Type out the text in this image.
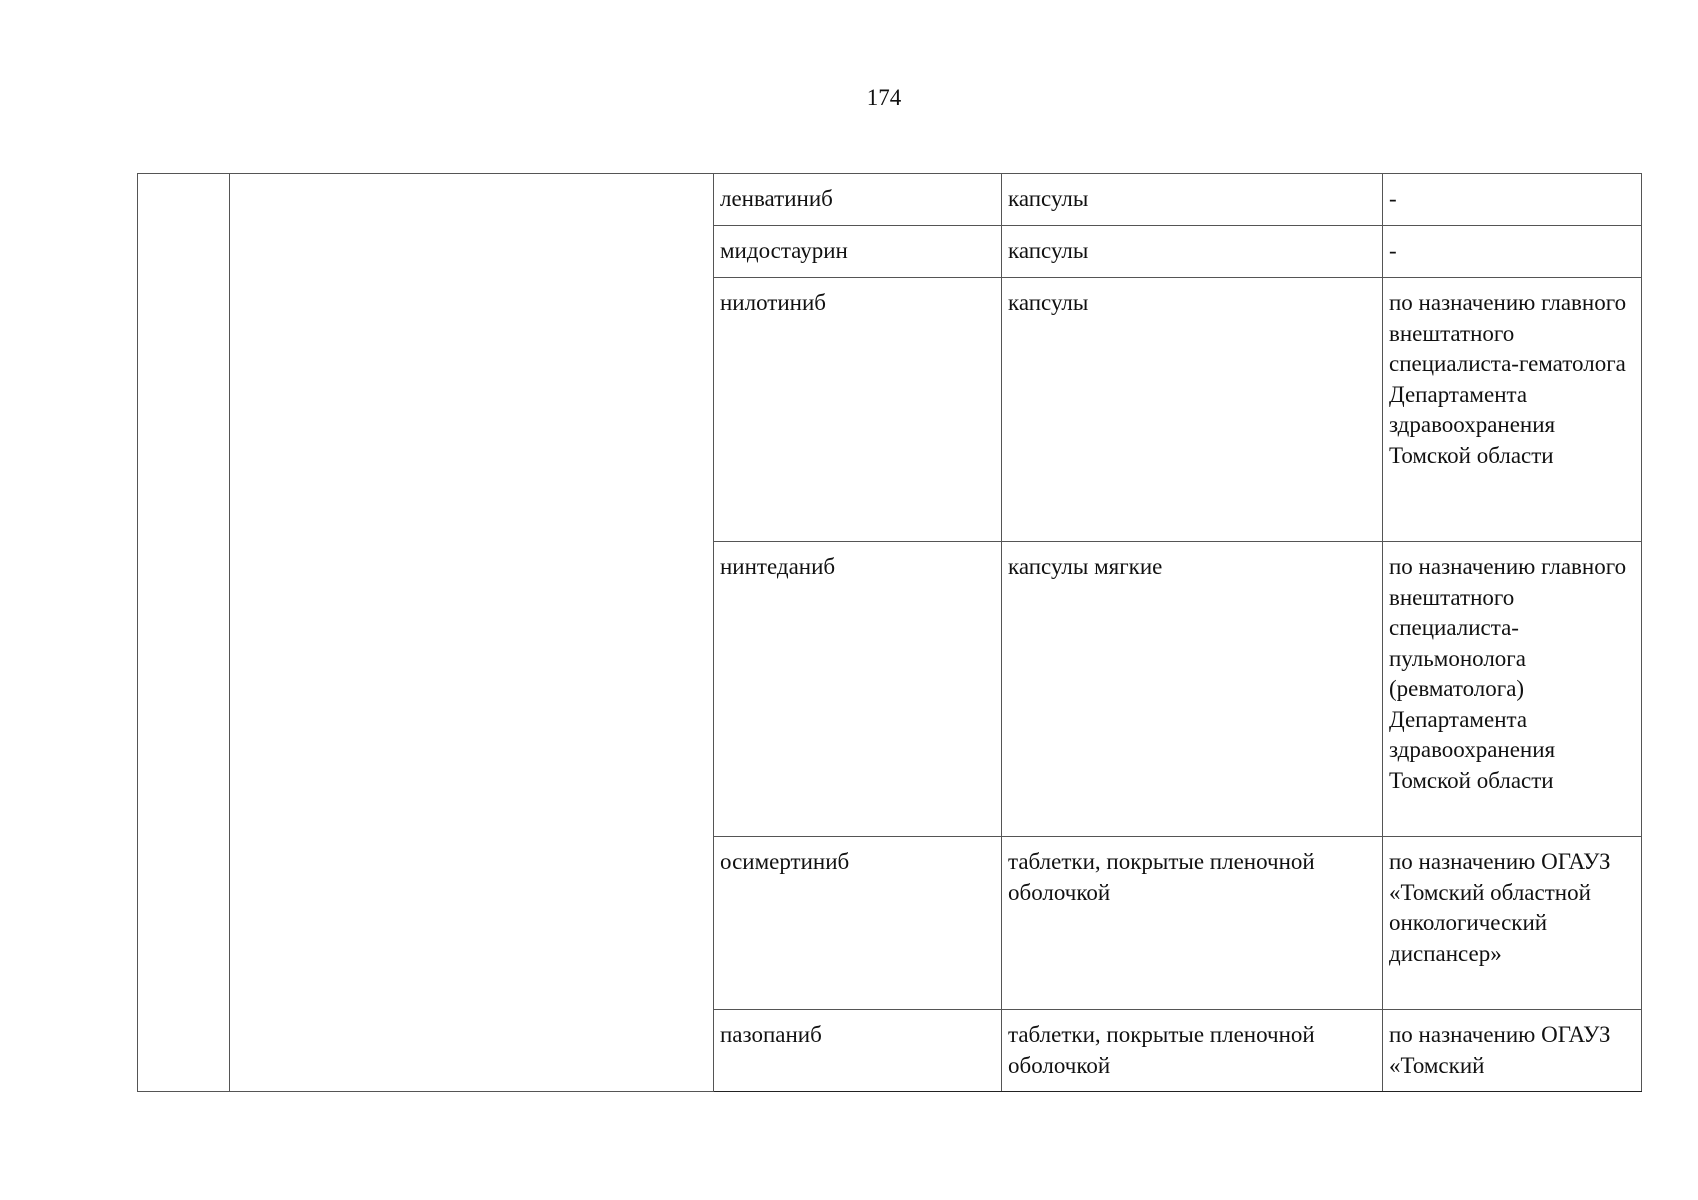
174
		ленватиниб	капсулы	-
		мидостаурин	капсулы	-
		нилотиниб	капсулы	по назначению главного внештатного специалиста-гематолога Департамента здравоохранения Томской области
		нинтеданиб	капсулы мягкие	по назначению главного внештатного специалиста-пульмонолога (ревматолога) Департамента здравоохранения Томской области
		осимертиниб	таблетки, покрытые пленочной оболочкой	по назначению ОГАУЗ «Томский областной онкологический диспансер»
		пазопаниб	таблетки, покрытые пленочной оболочкой	по назначению ОГАУЗ «Томский
